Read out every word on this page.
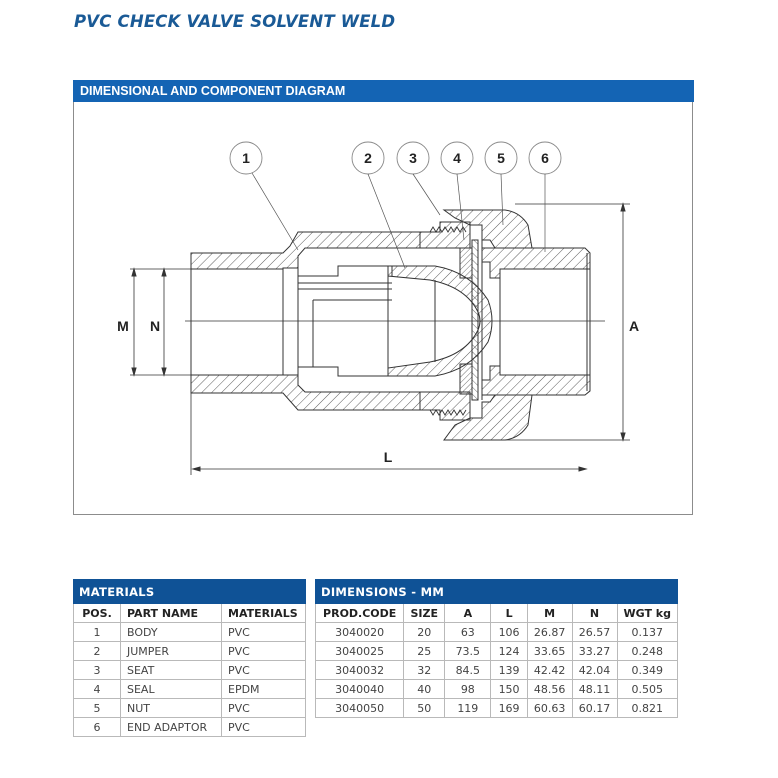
PVC CHECK VALVE SOLVENT WELD
DIMENSIONAL AND COMPONENT DIAGRAM
1	2	3	4	5	6
M N	A
L
MATERIALS		
POS.	PART NAME	MATERIALS
1	BODY	PVC
2	JUMPER	PVC
3	SEAT	PVC
4	SEAL	EPDM
5	NUT	PVC
6	END ADAPTOR	PVC
DIMENSIONS - MM						
PROD.CODE	SIZE	A	L	M	N	WGT kg
3040020	20	63	106	26.87	26.57	0.137
3040025	25	73.5	124	33.65	33.27	0.248
3040032	32	84.5	139	42.42	42.04	0.349
3040040	40	98	150	48.56	48.11	0.505
3040050	50	119	169	60.63	60.17	0.821
